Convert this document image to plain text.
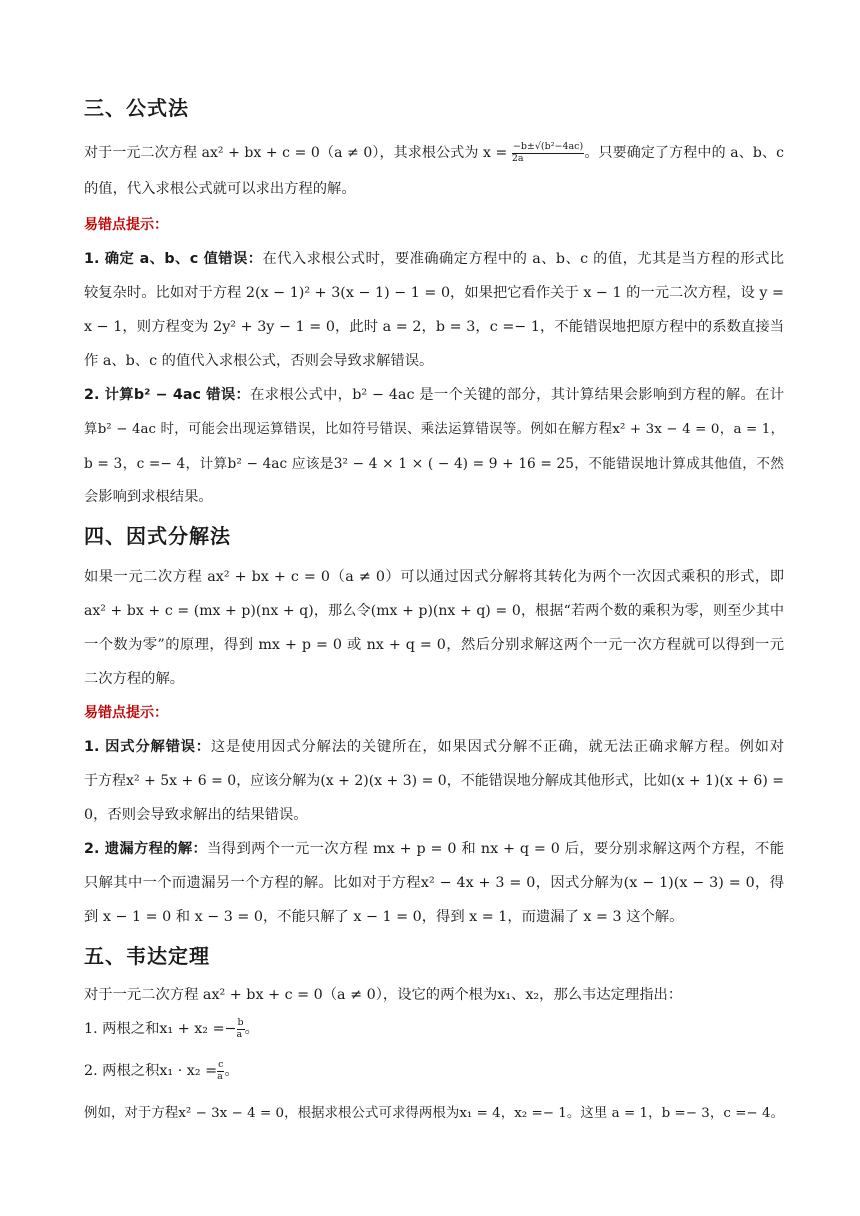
三、公式法
对于一元二次方程 ax² + bx + c = 0（a ≠ 0），其求根公式为 $x = \frac{\text{−b±√(b²−4ac)}}{2a}$ 。只要确定了方程中的 a、b、c
的值，代入求根公式就可以求出方程的解。
易错点提示：
1. 确定 a、b、c 值错误：在代入求根公式时，要准确确定方程中的 a、b、c 的值，尤其是当方程的形式比
较复杂时。比如对于方程 2(x − 1)² + 3(x − 1) − 1 = 0，如果把它看作关于 x − 1 的一元二次方程，设 y =
x − 1，则方程变为 2y² + 3y − 1 = 0，此时 a = 2，b = 3，c =− 1，不能错误地把原方程中的系数直接当
作 a、b、c 的值代入求根公式，否则会导致求解错误。
2. 计算b² − 4ac 错误：在求根公式中，b² − 4ac 是一个关键的部分，其计算结果会影响到方程的解。在计
算b² − 4ac 时，可能会出现运算错误，比如符号错误、乘法运算错误等。例如在解方程x² + 3x − 4 = 0，a = 1，
b = 3，c =− 4，计算b² − 4ac 应该是3² − 4 × 1 × ( − 4) = 9 + 16 = 25，不能错误地计算成其他值，不然
会影响到求根结果。
四、因式分解法
如果一元二次方程 ax² + bx + c = 0（a ≠ 0）可以通过因式分解将其转化为两个一次因式乘积的形式，即
ax² + bx + c = (mx + p)(nx + q)，那么令(mx + p)(nx + q) = 0，根据“若两个数的乘积为零，则至少其中
一个数为零”的原理，得到 mx + p = 0 或 nx + q = 0，然后分别求解这两个一元一次方程就可以得到一元
二次方程的解。
易错点提示：
1. 因式分解错误：这是使用因式分解法的关键所在，如果因式分解不正确，就无法正确求解方程。例如对
于方程x² + 5x + 6 = 0，应该分解为(x + 2)(x + 3) = 0，不能错误地分解成其他形式，比如(x + 1)(x + 6) =
0，否则会导致求解出的结果错误。
2. 遗漏方程的解：当得到两个一元一次方程 mx + p = 0 和 nx + q = 0 后，要分别求解这两个方程，不能
只解其中一个而遗漏另一个方程的解。比如对于方程x² − 4x + 3 = 0，因式分解为(x − 1)(x − 3) = 0，得
到 x − 1 = 0 和 x − 3 = 0，不能只解了 x − 1 = 0，得到 x = 1，而遗漏了 x = 3 这个解。
五、韦达定理
对于一元二次方程 ax² + bx + c = 0（a ≠ 0），设它的两个根为x₁、x₂，那么韦达定理指出：
1. 两根之和$x_1 + x_2 =- \frac{b}{a}$ 。
2. 两根之积$x_1 \cdot x_2 = \frac{c}{a}$ 。
例如，对于方程x² − 3x − 4 = 0，根据求根公式可求得两根为x₁ = 4，x₂ =− 1。这里 a = 1，b =− 3，c =− 4。
